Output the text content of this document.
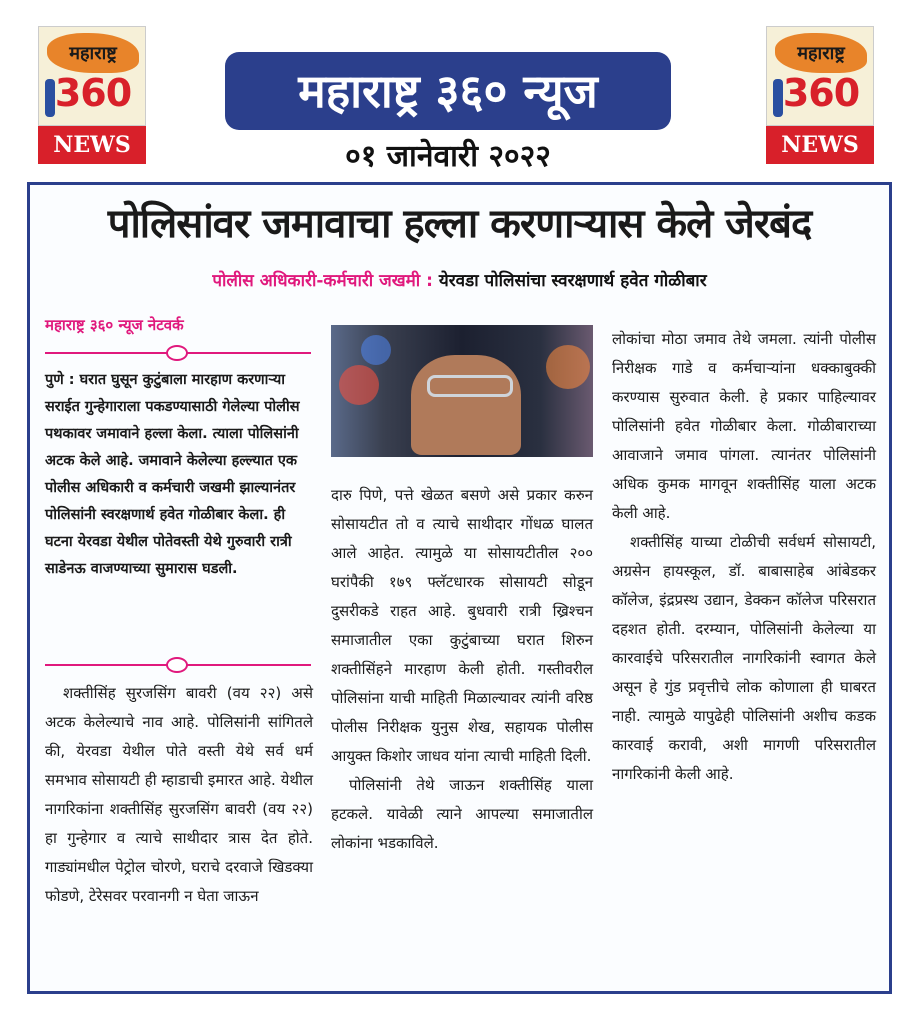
महाराष्ट्र
360
NEWS
महाराष्ट्र ३६० न्यूज
०१ जानेवारी २०२२
महाराष्ट्र
360
NEWS
पोलिसांवर जमावाचा हल्ला करणाऱ्यास केले जेरबंद
पोलीस अधिकारी-कर्मचारी जखमी : येरवडा पोलिसांचा स्वरक्षणार्थ हवेत गोळीबार
महाराष्ट्र ३६० न्यूज नेटवर्क
पुणे : घरात घुसून कुटुंबाला मारहाण करणाऱ्या सराईत गुन्हेगाराला पकडण्यासाठी गेलेल्या पोलीस पथकावर जमावाने हल्ला केला. त्याला पोलिसांनी अटक केले आहे. जमावाने केलेल्या हल्ल्यात एक पोलीस अधिकारी व कर्मचारी जखमी झाल्यानंतर पोलिसांनी स्वरक्षणार्थ हवेत गोळीबार केला. ही घटना येरवडा येथील पोतेवस्ती येथे गुरुवारी रात्री साडेनऊ वाजण्याच्या सुमारास घडली.

शक्तीसिंह सुरजसिंग बावरी (वय २२) असे अटक केलेल्याचे नाव आहे. पोलिसांनी सांगितले की, येरवडा येथील पोते वस्ती येथे सर्व धर्म समभाव सोसायटी ही म्हाडाची इमारत आहे. येथील नागरिकांना शक्तीसिंह सुरजसिंग बावरी (वय २२) हा गुन्हेगार व त्याचे साथीदार त्रास देत होते. गाड्यांमधील पेट्रोल चोरणे, घराचे दरवाजे खिडक्या फोडणे, टेरेसवर परवानगी न घेता जाऊन

दारु पिणे, पत्ते खेळत बसणे असे प्रकार करुन सोसायटीत तो व त्याचे साथीदार गोंधळ घालत आले आहेत. त्यामुळे या सोसायटीतील २०० घरांपैकी १७९ फ्लॅटधारक सोसायटी सोडून दुसरीकडे राहत आहे. बुधवारी रात्री ख्रिश्चन समाजातील एका कुटुंबाच्या घरात शिरुन शक्तीसिंहने मारहाण केली होती. गस्तीवरील पोलिसांना याची माहिती मिळाल्यावर त्यांनी वरिष्ठ पोलीस निरीक्षक युनुस शेख, सहायक पोलीस आयुक्त किशोर जाधव यांना त्याची माहिती दिली.

पोलिसांनी तेथे जाऊन शक्तीसिंह याला हटकले. यावेळी त्याने आपल्या समाजातील लोकांना भडकाविले.

लोकांचा मोठा जमाव तेथे जमला. त्यांनी पोलीस निरीक्षक गाडे व कर्मचाऱ्यांना धक्काबुक्की करण्यास सुरुवात केली. हे प्रकार पाहिल्यावर पोलिसांनी हवेत गोळीबार केला. गोळीबाराच्या आवाजाने जमाव पांगला. त्यानंतर पोलिसांनी अधिक कुमक मागवून शक्तीसिंह याला अटक केली आहे.

शक्तीसिंह याच्या टोळीची सर्वधर्म सोसायटी, अग्रसेन हायस्कूल, डॉ. बाबासाहेब आंबेडकर कॉलेज, इंद्रप्रस्थ उद्यान, डेक्कन कॉलेज परिसरात दहशत होती. दरम्यान, पोलिसांनी केलेल्या या कारवाईचे परिसरातील नागरिकांनी स्वागत केले असून हे गुंड प्रवृत्तीचे लोक कोणाला ही घाबरत नाही. त्यामुळे यापुढेही पोलिसांनी अशीच कडक कारवाई करावी, अशी मागणी परिसरातील नागरिकांनी केली आहे.
